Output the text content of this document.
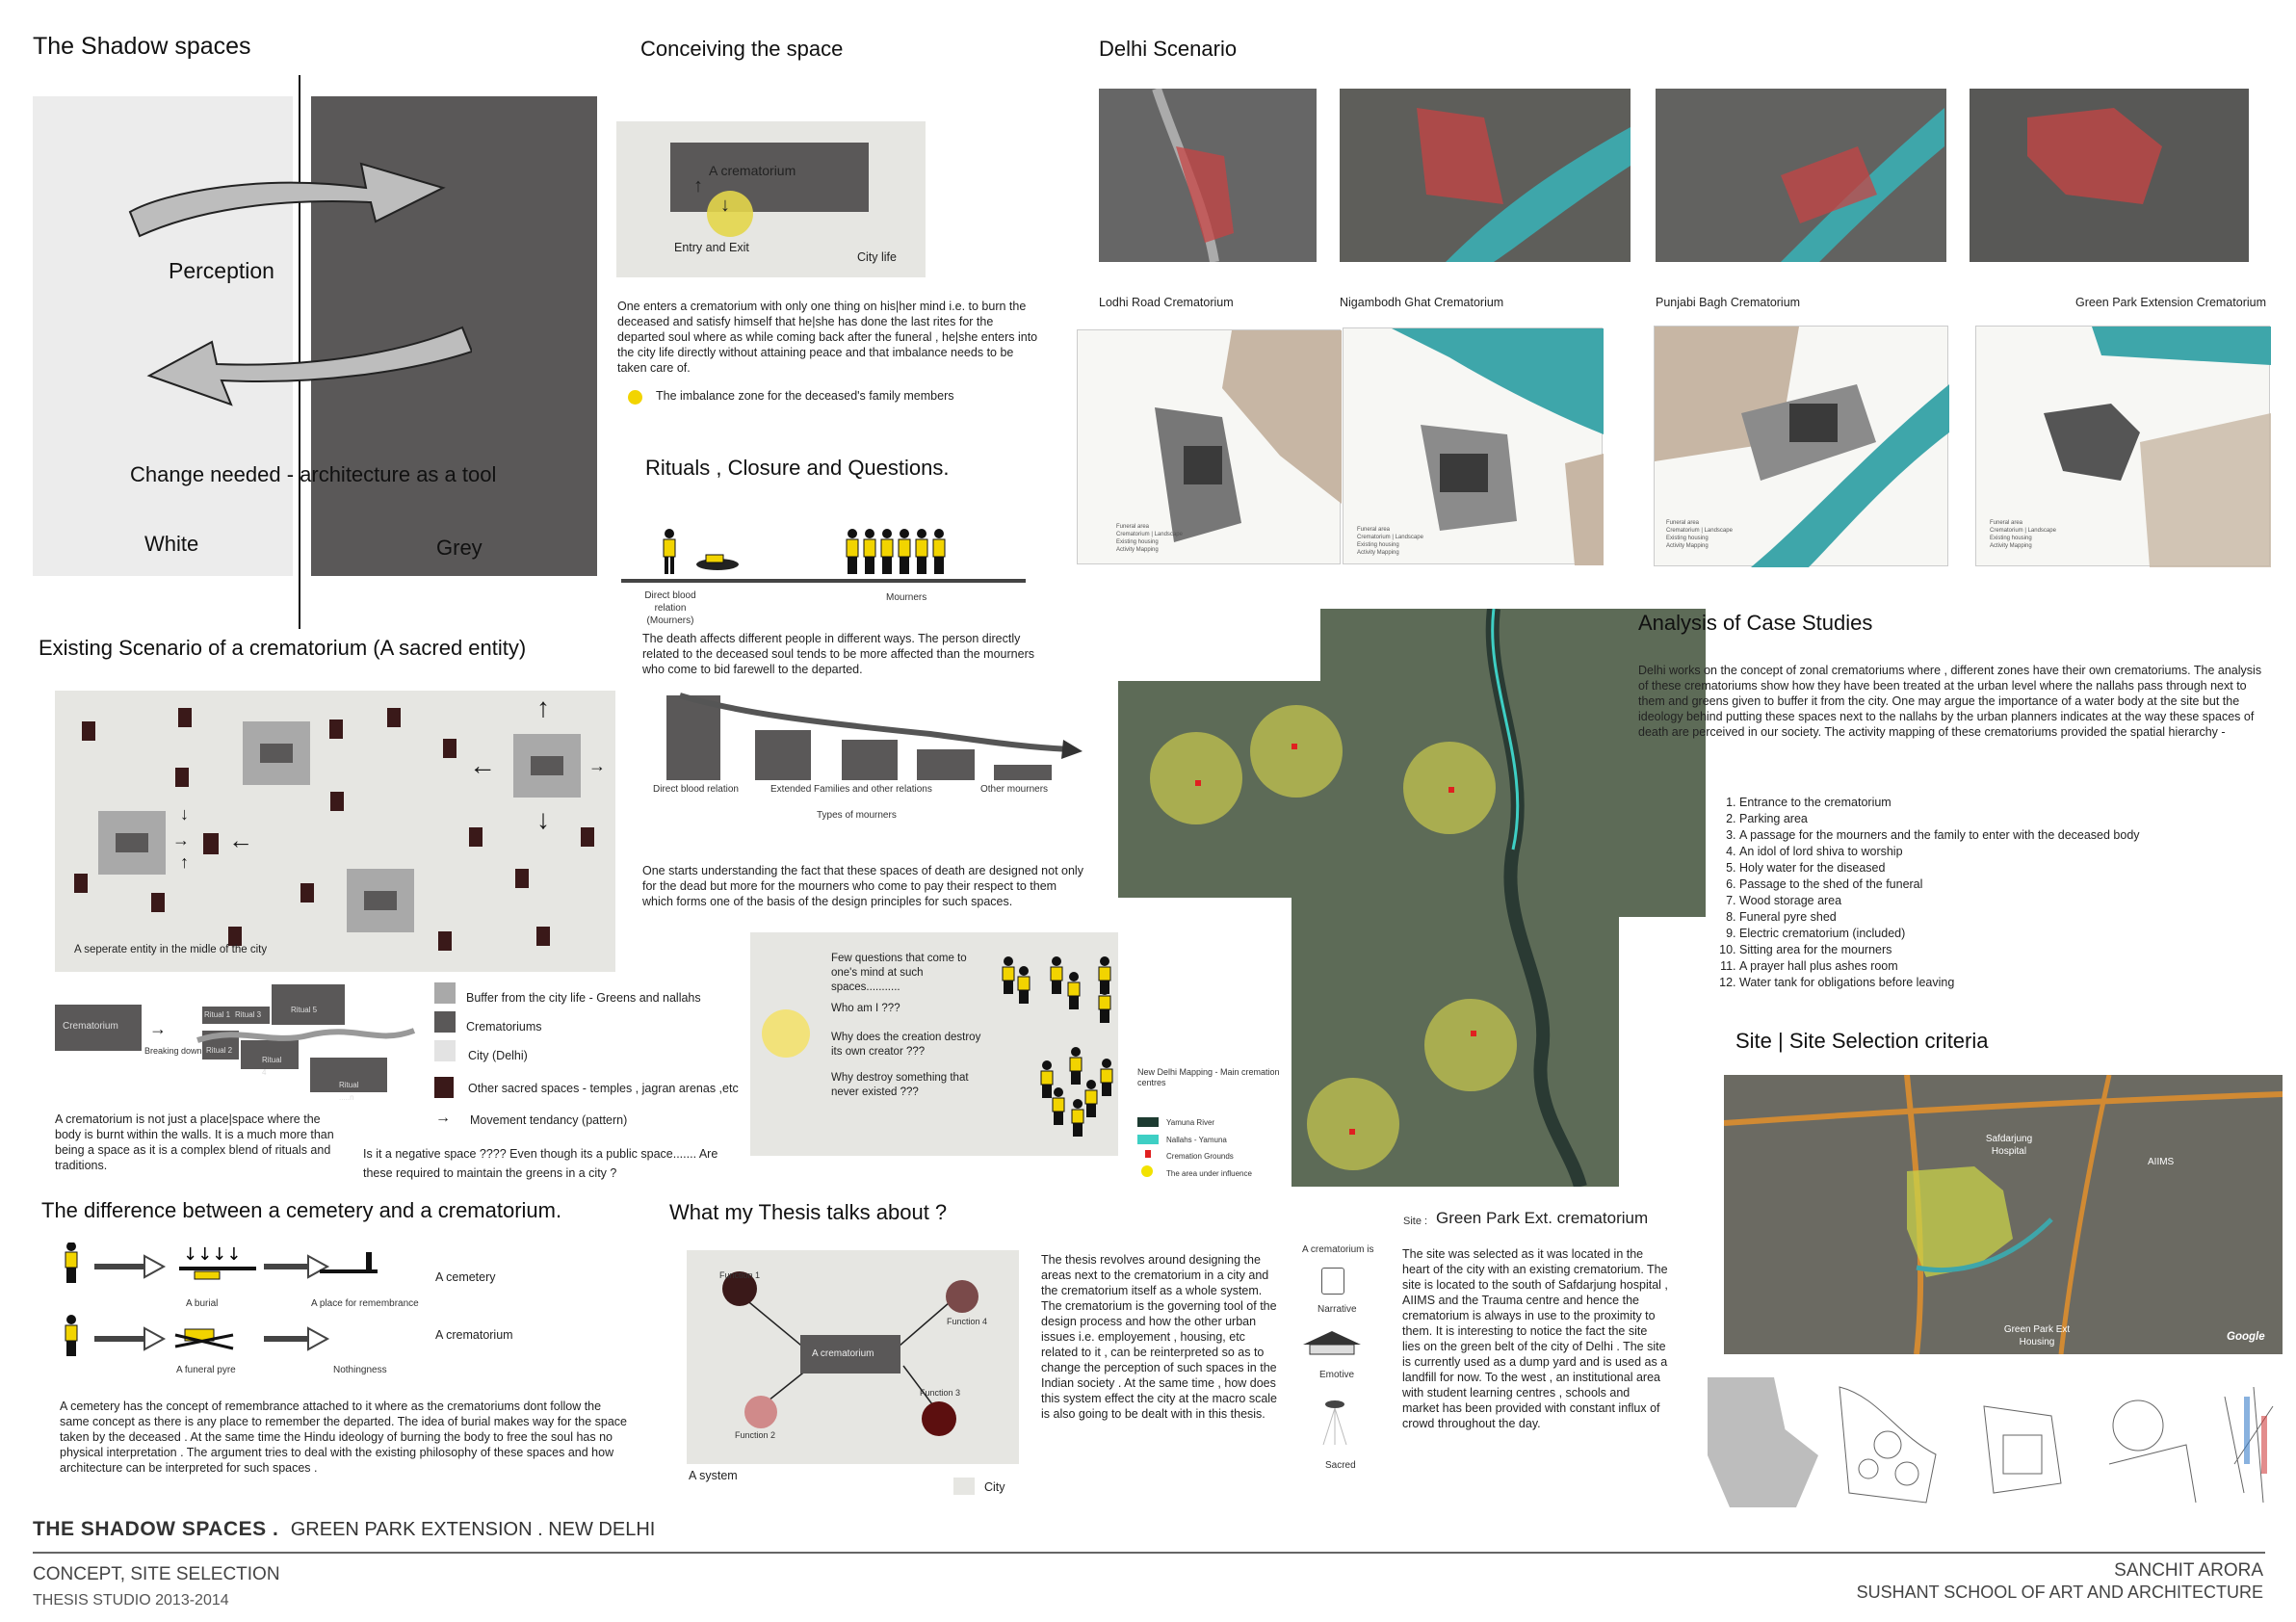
The Shadow spaces
Perception
Change needed - architecture as a tool
White	Grey
Conceiving the space
A crematorium
↑
↓
Entry and Exit
City life
One enters a crematorium with only one thing on his|her mind i.e. to burn the deceased and satisfy himself that he|she has done the last rites for the departed soul where as while coming back after the funeral , he|she enters into the city life directly without attaining peace and that imbalance needs to be taken care of.
The imbalance zone for the deceased's family members
Rituals , Closure and Questions.
Direct blood relation (Mourners)
Mourners
The death affects different people in different ways. The person directly related to the deceased soul tends to be more affected than the mourners who come to bid farewell to the departed.
Direct blood relation	Extended Families and other relations	Other mourners
Types of mourners
One starts understanding the fact that these spaces of death are designed not only for the dead but more for the mourners who come to pay their respect to them which forms one of the basis of the design principles for such spaces.
Few questions that come to one's mind at such spaces...........
Who am I ???
Why does the creation destroy its own creator ???
Why destroy something that never existed ???
Existing Scenario of a crematorium (A sacred entity)
↓
↑
→ ←
↑
↓
←	→
A seperate entity in the midle of the city
Crematorium	→
Breaking down
Ritual 1 Ritual 3
Ritual 5
Ritual 2
Ritual 4
Ritual .....n
Buffer from the city life - Greens and nallahs
Crematoriums
City (Delhi)
Other sacred spaces - temples , jagran arenas ,etc
→ Movement tendancy (pattern)
A crematorium is not just a place|space where the body is burnt within the walls. It is a much more than being a space as it is a complex blend of rituals and traditions.
Is it a negative space ???? Even though its a public space....... Are these required to maintain the greens in a city ?
The difference between a cemetery and a crematorium.
↓↓↓↓
A burial	A place for remembrance
A cemetery
A funeral pyre	Nothingness
A crematorium
A cemetery has the concept of remembrance attached to it where as the crematoriums dont follow the same concept as there is any place to remember the departed. The idea of burial makes way for the space taken by the deceased . At the same time the Hindu ideology of burning the body to free the soul has no physical interpretation . The argument tries to deal with the existing philosophy of these spaces and how architecture can be interpreted for such spaces .
What my Thesis talks about ?
A crematorium
Function 1
Function 2
Function 3
Function 4
A system
City
The thesis revolves around designing the areas next to the crematorium in a city and the crematorium itself as a whole system. The crematorium is the governing tool of the design process and how the other urban issues i.e. employement , housing, etc related to it , can be reinterpreted so as to change the perception of such spaces in the Indian society . At the same time , how does this system effect the city at the macro scale is also going to be dealt with in this thesis.
A crematorium is
Narrative
Emotive
Sacred
Delhi Scenario
Lodhi Road Crematorium	Nigambodh Ghat Crematorium	Punjabi Bagh Crematorium	Green Park Extension Crematorium
Funeral area
Crematorium | Landscape
Existing housing
Activity Mapping
Funeral area
Crematorium | Landscape
Existing housing
Activity Mapping
Funeral area
Crematorium | Landscape
Existing housing
Activity Mapping
Funeral area
Crematorium | Landscape
Existing housing
Activity Mapping
New Delhi Mapping - Main cremation centres
Yamuna River
Nallahs - Yamuna
Cremation Grounds
The area under influence
Analysis of Case Studies
Delhi works on the concept of zonal crematoriums where , different zones have their own crematoriums. The analysis of these crematoriums show how they have been treated at the urban level where the nallahs pass through next to them and greens given to buffer it from the city. One may argue the importance of a water body at the site but the ideology behind putting these spaces next to the nallahs by the urban planners indicates at the way these spaces of death are perceived in our society. The activity mapping of these crematoriums provided the spatial hierarchy -
1. Entrance to the crematorium
2. Parking area
3. A passage for the mourners and the family to enter with the deceased body
4. An idol of lord shiva to worship
5. Holy water for the diseased
6. Passage to the shed of the funeral
7. Wood storage area
8. Funeral pyre shed
9. Electric crematorium (included)
10. Sitting area for the mourners
11. A prayer hall plus ashes room
12. Water tank for obligations before leaving
Site | Site Selection criteria
Safdarjung Hospital
AIIMS
Green Park Ext Housing	Google
Site : Green Park Ext. crematorium
The site was selected as it was located in the heart of the city with an existing crematorium. The site is located to the south of Safdarjung hospital , AIIMS and the Trauma centre and hence the crematorium is always in use to the proximity to them. It is interesting to notice the fact the site lies on the green belt of the city of Delhi . The site is currently used as a dump yard and is used as a landfill for now. To the west , an institutional area with student learning centres , schools and market has been provided with constant influx of crowd throughout the day.
THE SHADOW SPACES . GREEN PARK EXTENSION . NEW DELHI
CONCEPT, SITE SELECTION
THESIS STUDIO 2013-2014
SANCHIT ARORA
SUSHANT SCHOOL OF ART AND ARCHITECTURE
